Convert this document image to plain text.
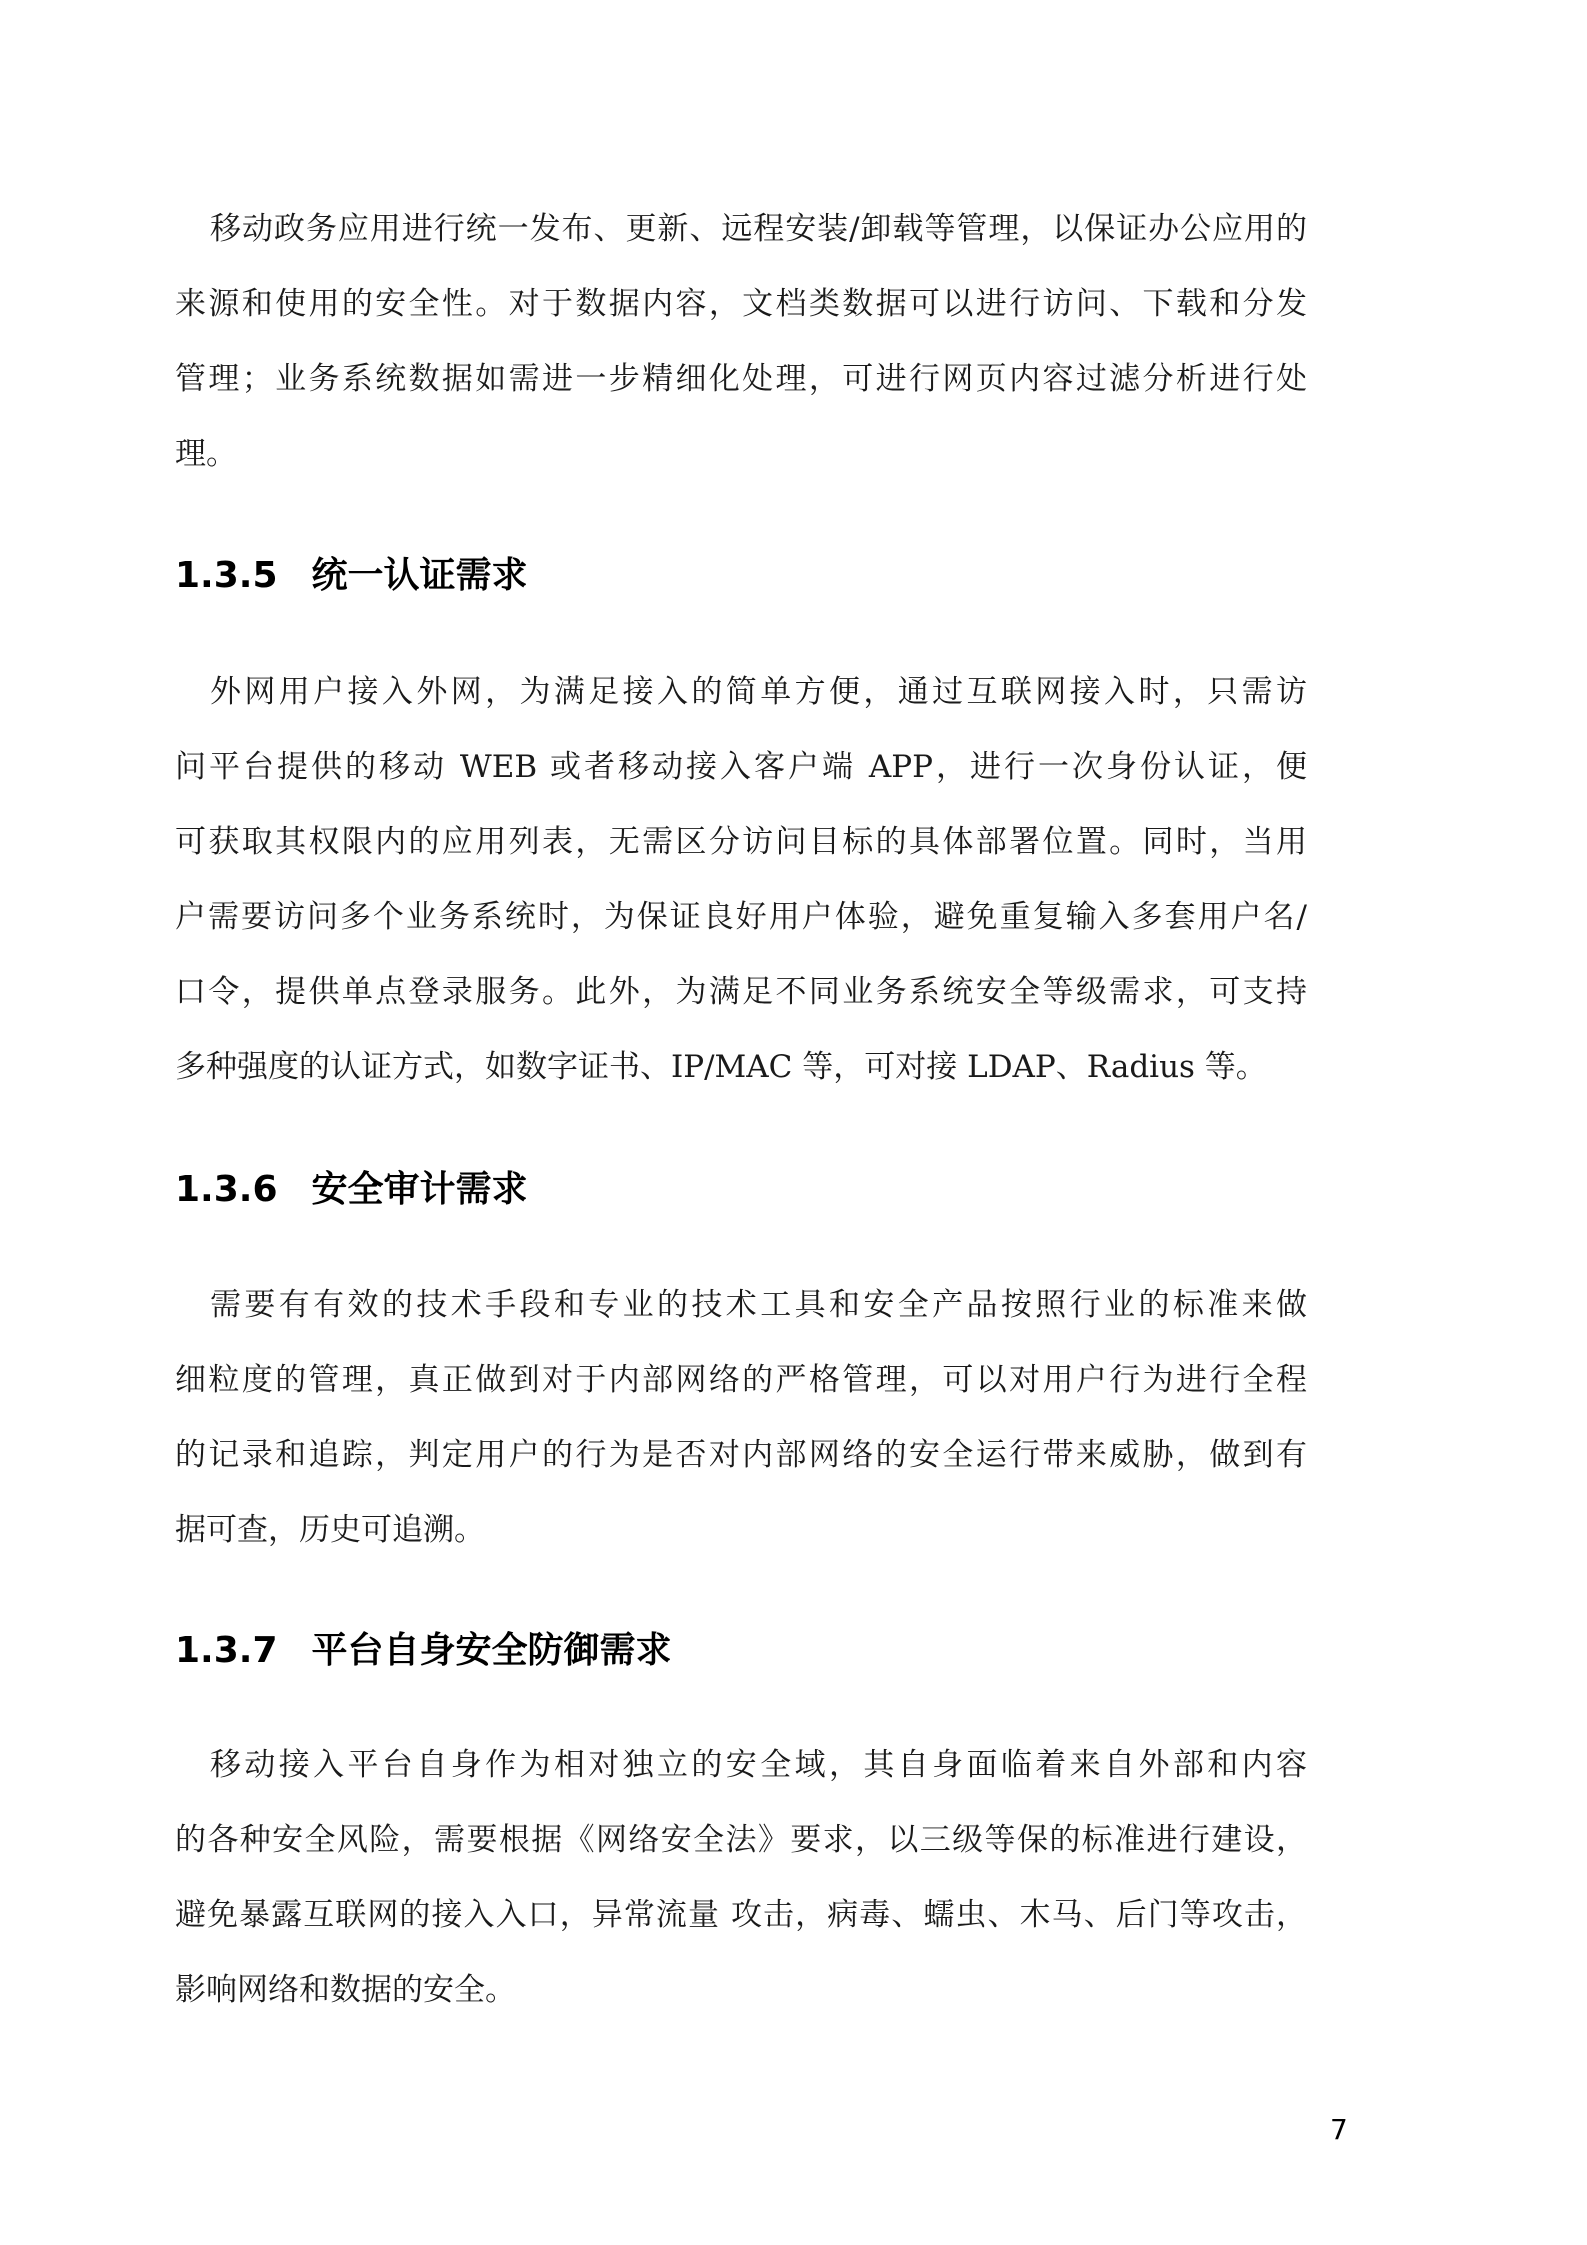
移动政务应用进行统一发布、更新、远程安装/卸载等管理，以保证办公应用的
来源和使用的安全性。对于数据内容，文档类数据可以进行访问、下载和分发
管理；业务系统数据如需进一步精细化处理，可进行网页内容过滤分析进行处
理。
1.3.5 统一认证需求
外网用户接入外网，为满足接入的简单方便，通过互联网接入时，只需访
问平台提供的移动 WEB 或者移动接入客户端 APP，进行一次身份认证，便
可获取其权限内的应用列表，无需区分访问目标的具体部署位置。同时，当用
户需要访问多个业务系统时，为保证良好用户体验，避免重复输入多套用户名/
口令，提供单点登录服务。此外，为满足不同业务系统安全等级需求，可支持
多种强度的认证方式，如数字证书、IP/MAC 等，可对接 LDAP、Radius 等。
1.3.6 安全审计需求
需要有有效的技术手段和专业的技术工具和安全产品按照行业的标准来做
细粒度的管理，真正做到对于内部网络的严格管理，可以对用户行为进行全程
的记录和追踪，判定用户的行为是否对内部网络的安全运行带来威胁，做到有
据可查，历史可追溯。
1.3.7 平台自身安全防御需求
移动接入平台自身作为相对独立的安全域，其自身面临着来自外部和内容
的各种安全风险，需要根据《网络安全法》要求，以三级等保的标准进行建设，
避免暴露互联网的接入入口，异常流量 攻击，病毒、蠕虫、木马、后门等攻击，
影响网络和数据的安全。
7
